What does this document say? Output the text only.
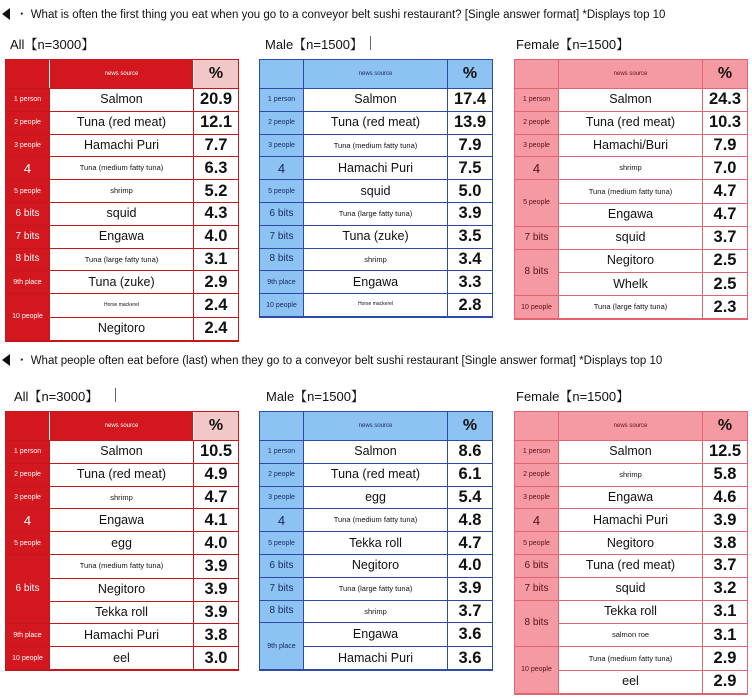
・ What is often the first thing you eat when you go to a conveyor belt sushi restaurant? [Single answer format] *Displays top 10
All【n=3000】	Male【n=1500】	Female【n=1500】
news source	%
1 person	Salmon	20.9
2 people	Tuna (red meat)	12.1
3 people	Hamachi Puri	7.7
4	Tuna (medium fatty tuna)	6.3
5 people	shrimp	5.2
6 bits	squid	4.3
7 bits	Engawa	4.0
8 bits	Tuna (large fatty tuna)	3.1
9th place	Tuna (zuke)	2.9
10 people
Horse mackerel	2.4
Negitoro	2.4
news source	%
1 person	Salmon	17.4
2 people	Tuna (red meat)	13.9
3 people	Tuna (medium fatty tuna)	7.9
4	Hamachi Puri	7.5
5 people	squid	5.0
6 bits	Tuna (large fatty tuna)	3.9
7 bits	Tuna (zuke)	3.5
8 bits	shrimp	3.4
9th place	Engawa	3.3
10 people	Horse mackerel	2.8
news source	%
1 person	Salmon	24.3
2 people	Tuna (red meat)	10.3
3 people	Hamachi/Buri	7.9
4	shrimp	7.0
5 people
Tuna (medium fatty tuna)	4.7
Engawa	4.7
7 bits	squid	3.7
8 bits
Negitoro	2.5
Whelk	2.5
10 people	Tuna (large fatty tuna)	2.3
・ What people often eat before (last) when they go to a conveyor belt sushi restaurant [Single answer format] *Displays top 10
All【n=3000】	Male【n=1500】	Female【n=1500】
news source	%
1 person	Salmon	10.5
2 people	Tuna (red meat)	4.9
3 people	shrimp	4.7
4	Engawa	4.1
5 people	egg	4.0
6 bits
Tuna (medium fatty tuna)	3.9
Negitoro	3.9
Tekka roll	3.9
9th place	Hamachi Puri	3.8
10 people	eel	3.0
news source	%
1 person	Salmon	8.6
2 people	Tuna (red meat)	6.1
3 people	egg	5.4
4	Tuna (medium fatty tuna)	4.8
5 people	Tekka roll	4.7
6 bits	Negitoro	4.0
7 bits	Tuna (large fatty tuna)	3.9
8 bits	shrimp	3.7
9th place
Engawa	3.6
Hamachi Puri	3.6
news source	%
1 person	Salmon	12.5
2 people	shrimp	5.8
3 people	Engawa	4.6
4	Hamachi Puri	3.9
5 people	Negitoro	3.8
6 bits	Tuna (red meat)	3.7
7 bits	squid	3.2
8 bits
Tekka roll	3.1
salmon roe	3.1
10 people
Tuna (medium fatty tuna)	2.9
eel	2.9
